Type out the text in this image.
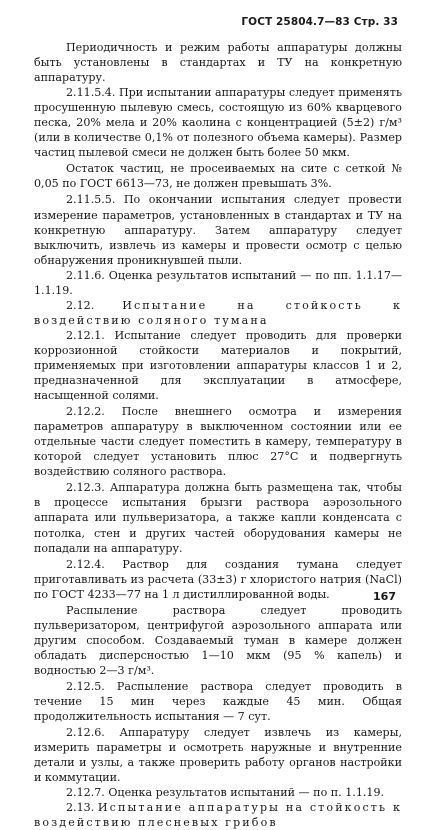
ГОСТ 25804.7—83 Стр. 33

Периодичность и режим работы аппаратуры должны быть установлены в стандартах и ТУ на конкретную аппаратуру.

2.11.5.4. При испытании аппаратуры следует применять просушенную пылевую смесь, состоящую из 60% кварцевого песка, 20% мела и 20% каолина с концентрацией (5±2) г/м³ (или в количестве 0,1% от полезного объема камеры). Размер частиц пылевой смеси не должен быть более 50 мкм.

Остаток частиц, не просеиваемых на сите с сеткой № 0,05 по ГОСТ 6613—73, не должен превышать 3%.

2.11.5.5. По окончании испытания следует провести измерение параметров, установленных в стандартах и ТУ на конкретную аппаратуру. Затем аппаратуру следует выключить, извлечь из камеры и провести осмотр с целью обнаружения проникнувшей пыли.

2.11.6. Оценка результатов испытаний — по пп. 1.1.17—1.1.19.

2.12.	Испытание на стойкость к воздействию соляного тумана

2.12.1. Испытание следует проводить для проверки коррозионной стойкости материалов и покрытий, применяемых при изготовлении аппаратуры классов 1 и 2, предназначенной для эксплуатации в атмосфере, насыщенной солями.

2.12.2. После внешнего осмотра и измерения параметров аппаратуру в выключенном состоянии или ее отдельные части следует поместить в камеру, температуру в которой следует установить плюс 27°С и подвергнуть воздействию соляного раствора.

2.12.3. Аппаратура должна быть размещена так, чтобы в процессе испытания брызги раствора аэрозольного аппарата или пульверизатора, а также капли конденсата с потолка, стен и других частей оборудования камеры не попадали на аппаратуру.

2.12.4. Раствор для создания тумана следует приготавливать из расчета (33±3) г хлористого натрия (NaCl) по ГОСТ 4233—77 на 1 л дистиллированной воды.

Распыление раствора следует проводить пульверизатором, центрифугой аэрозольного аппарата или другим способом. Создаваемый туман в камере должен обладать дисперсностью 1—10 мкм (95 % капель) и водностью 2—3 г/м³.

2.12.5. Распыление раствора следует проводить в течение 15 мин через каждые 45 мин. Общая продолжительность испытания — 7 сут.

2.12.6. Аппаратуру следует извлечь из камеры, измерить параметры и осмотреть наружные и внутренние детали и узлы, а также проверить работу органов настройки и коммутации.

2.12.7. Оценка результатов испытаний — по п. 1.1.19.

2.13. Испытание аппаратуры на стойкость к воздействию плесневых грибов

167
